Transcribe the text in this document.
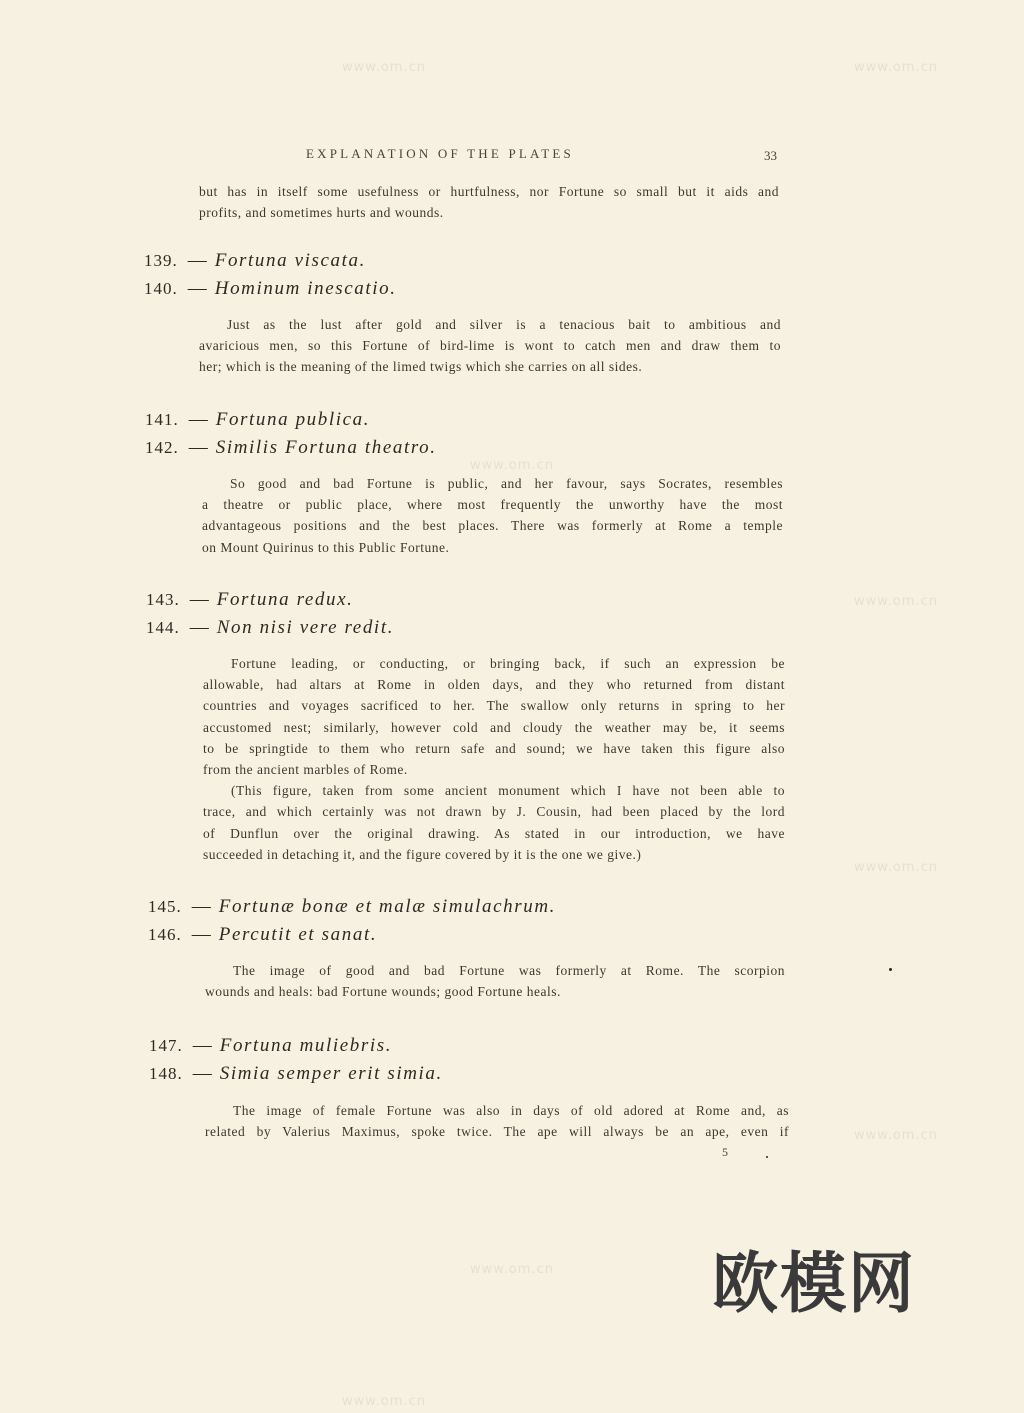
EXPLANATION OF THE PLATES	33
but has in itself some usefulness or hurtfulness, nor Fortune so small but it aids and
profits, and sometimes hurts and wounds.
139. — Fortuna viscata.
140. — Hominum inescatio.
Just as the lust after gold and silver is a tenacious bait to ambitious and
avaricious men, so this Fortune of bird-lime is wont to catch men and draw them to
her; which is the meaning of the limed twigs which she carries on all sides.
141. — Fortuna publica.
142. — Similis Fortuna theatro.
So good and bad Fortune is public, and her favour, says Socrates, resembles
a theatre or public place, where most frequently the unworthy have the most
advantageous positions and the best places. There was formerly at Rome a temple
on Mount Quirinus to this Public Fortune.
143. — Fortuna redux.
144. — Non nisi vere redit.
Fortune leading, or conducting, or bringing back, if such an expression be
allowable, had altars at Rome in olden days, and they who returned from distant
countries and voyages sacrificed to her. The swallow only returns in spring to her
accustomed nest; similarly, however cold and cloudy the weather may be, it seems
to be springtide to them who return safe and sound; we have taken this figure also
from the ancient marbles of Rome.
(This figure, taken from some ancient monument which I have not been able to
trace, and which certainly was not drawn by J. Cousin, had been placed by the lord
of Dunflun over the original drawing. As stated in our introduction, we have
succeeded in detaching it, and the figure covered by it is the one we give.)
145. — Fortunæ bonæ et malæ simulachrum.
146. — Percutit et sanat.
The image of good and bad Fortune was formerly at Rome. The scorpion
wounds and heals: bad Fortune wounds; good Fortune heals.
147. — Fortuna muliebris.
148. — Simia semper erit simia.
The image of female Fortune was also in days of old adored at Rome and, as
related by Valerius Maximus, spoke twice. The ape will always be an ape, even if
5
www.om.cn	www.om.cn
www.om.cn
www.om.cn
www.om.cn
www.om.cn
www.om.cn
www.om.cn
欧模网
